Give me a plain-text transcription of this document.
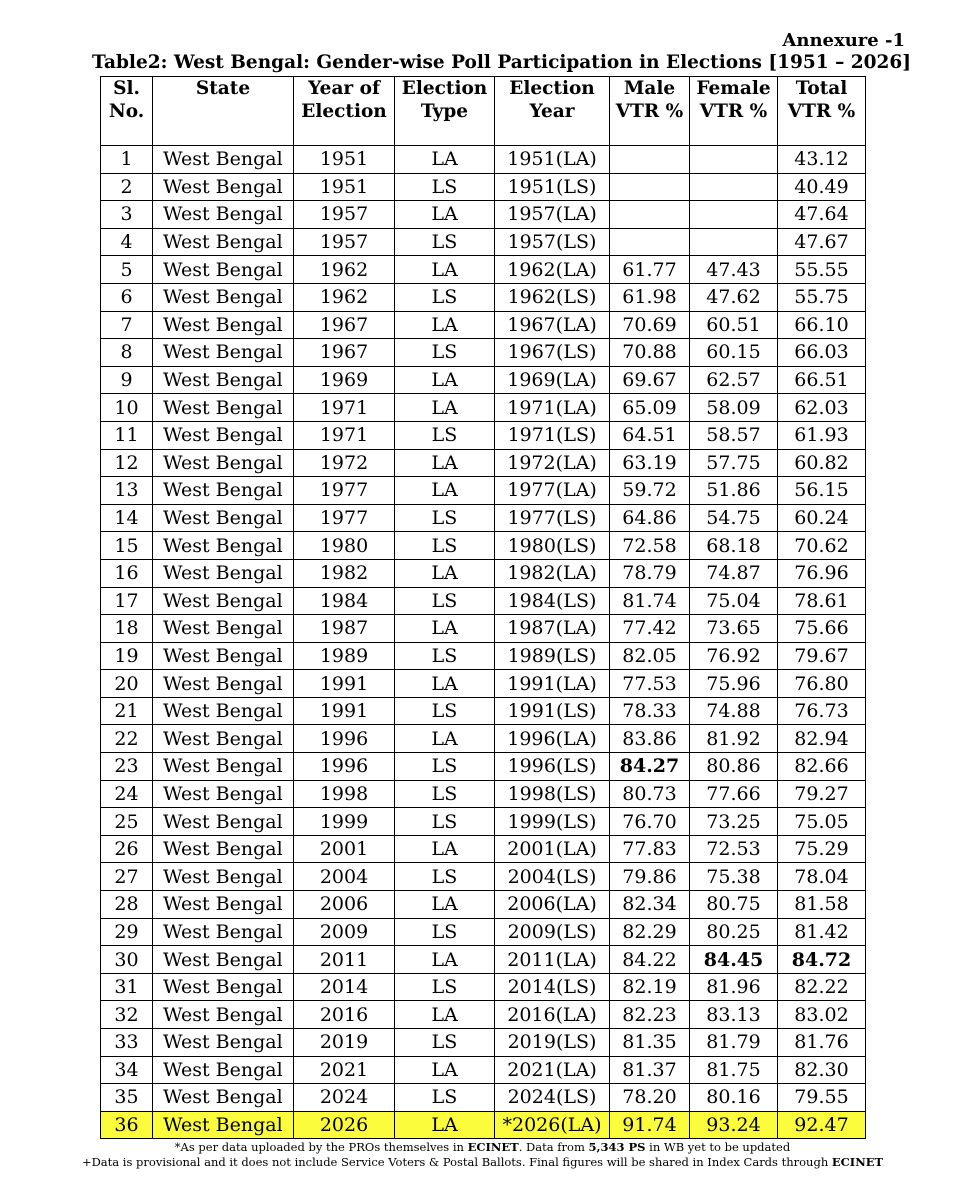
Annexure -1
Table2: West Bengal: Gender-wise Poll Participation in Elections [1951 – 2026]
Sl. No.	State	Year of Election	Election Type	Election Year	Male VTR %	Female VTR %	Total VTR %
1	West Bengal	1951	LA	1951(LA)			43.12
2	West Bengal	1951	LS	1951(LS)			40.49
3	West Bengal	1957	LA	1957(LA)			47.64
4	West Bengal	1957	LS	1957(LS)			47.67
5	West Bengal	1962	LA	1962(LA)	61.77	47.43	55.55
6	West Bengal	1962	LS	1962(LS)	61.98	47.62	55.75
7	West Bengal	1967	LA	1967(LA)	70.69	60.51	66.10
8	West Bengal	1967	LS	1967(LS)	70.88	60.15	66.03
9	West Bengal	1969	LA	1969(LA)	69.67	62.57	66.51
10	West Bengal	1971	LA	1971(LA)	65.09	58.09	62.03
11	West Bengal	1971	LS	1971(LS)	64.51	58.57	61.93
12	West Bengal	1972	LA	1972(LA)	63.19	57.75	60.82
13	West Bengal	1977	LA	1977(LA)	59.72	51.86	56.15
14	West Bengal	1977	LS	1977(LS)	64.86	54.75	60.24
15	West Bengal	1980	LS	1980(LS)	72.58	68.18	70.62
16	West Bengal	1982	LA	1982(LA)	78.79	74.87	76.96
17	West Bengal	1984	LS	1984(LS)	81.74	75.04	78.61
18	West Bengal	1987	LA	1987(LA)	77.42	73.65	75.66
19	West Bengal	1989	LS	1989(LS)	82.05	76.92	79.67
20	West Bengal	1991	LA	1991(LA)	77.53	75.96	76.80
21	West Bengal	1991	LS	1991(LS)	78.33	74.88	76.73
22	West Bengal	1996	LA	1996(LA)	83.86	81.92	82.94
23	West Bengal	1996	LS	1996(LS)	84.27	80.86	82.66
24	West Bengal	1998	LS	1998(LS)	80.73	77.66	79.27
25	West Bengal	1999	LS	1999(LS)	76.70	73.25	75.05
26	West Bengal	2001	LA	2001(LA)	77.83	72.53	75.29
27	West Bengal	2004	LS	2004(LS)	79.86	75.38	78.04
28	West Bengal	2006	LA	2006(LA)	82.34	80.75	81.58
29	West Bengal	2009	LS	2009(LS)	82.29	80.25	81.42
30	West Bengal	2011	LA	2011(LA)	84.22	84.45	84.72
31	West Bengal	2014	LS	2014(LS)	82.19	81.96	82.22
32	West Bengal	2016	LA	2016(LA)	82.23	83.13	83.02
33	West Bengal	2019	LS	2019(LS)	81.35	81.79	81.76
34	West Bengal	2021	LA	2021(LA)	81.37	81.75	82.30
35	West Bengal	2024	LS	2024(LS)	78.20	80.16	79.55
36	West Bengal	2026	LA	*2026(LA)	91.74	93.24	92.47
*As per data uploaded by the PROs themselves in ECINET. Data from 5,343 PS in WB yet to be updated
+Data is provisional and it does not include Service Voters & Postal Ballots. Final figures will be shared in Index Cards through ECINET
